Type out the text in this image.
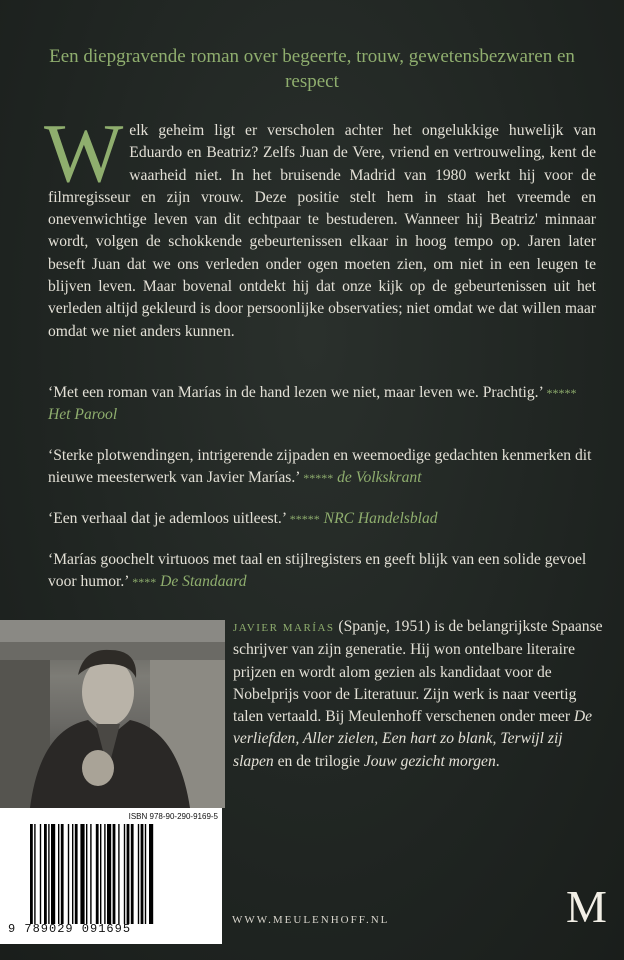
Een diepgravende roman over begeerte, trouw, gewetensbezwaren en respect
Welk geheim ligt er verscholen achter het ongelukkige huwelijk van Eduardo en Beatriz? Zelfs Juan de Vere, vriend en vertrouweling, kent de waarheid niet. In het bruisende Madrid van 1980 werkt hij voor de filmregisseur en zijn vrouw. Deze positie stelt hem in staat het vreemde en onevenwichtige leven van dit echtpaar te bestuderen. Wanneer hij Beatriz' minnaar wordt, volgen de schokkende gebeurtenissen elkaar in hoog tempo op. Jaren later beseft Juan dat we ons verleden onder ogen moeten zien, om niet in een leugen te blijven leven. Maar bovenal ontdekt hij dat onze kijk op de gebeurtenissen uit het verleden altijd gekleurd is door persoonlijke observaties; niet omdat we dat willen maar omdat we niet anders kunnen.
‘Met een roman van Marías in de hand lezen we niet, maar leven we. Prachtig.’ ***** Het Parool
‘Sterke plotwendingen, intrigerende zijpaden en weemoedige gedachten kenmerken dit nieuwe meesterwerk van Javier Marías.’ ***** de Volkskrant
‘Een verhaal dat je ademloos uitleest.’ ***** NRC Handelsblad
‘Marías goochelt virtuoos met taal en stijlregisters en geeft blijk van een solide gevoel voor humor.’ **** De Standaard
JAVIER MARÍAS (Spanje, 1951) is de belangrijkste Spaanse schrijver van zijn generatie. Hij won ontelbare literaire prijzen en wordt alom gezien als kandidaat voor de Nobelprijs voor de Literatuur. Zijn werk is naar veertig talen vertaald. Bij Meulenhoff verschenen onder meer De verliefden, Aller zielen, Een hart zo blank, Terwijl zij slapen en de trilogie Jouw gezicht morgen.
ISBN 978-90-290-9169-5
9 789029 091695
WWW.MEULENHOFF.NL	M
